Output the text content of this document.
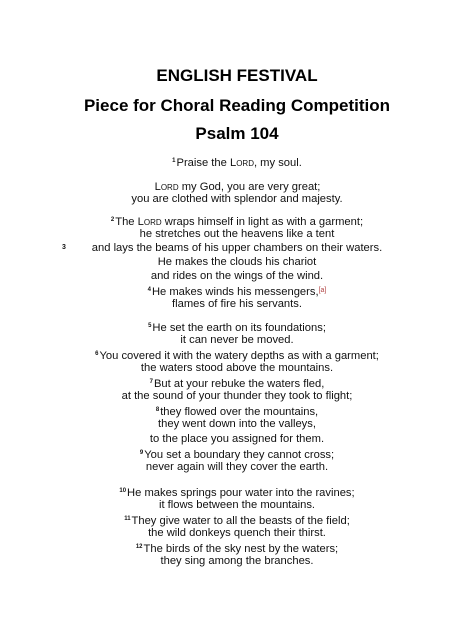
ENGLISH FESTIVAL
Piece for Choral Reading Competition
Psalm 104
3
$^1$Praise the Lord, my soul.
Lord my God, you are very great;
you are clothed with splendor and majesty.
$^2$The Lord wraps himself in light as with a garment;
he stretches out the heavens like a tent
and lays the beams of his upper chambers on their waters.
He makes the clouds his chariot
and rides on the wings of the wind.
$^4$He makes winds his messengers,[a]
flames of fire his servants.
$^5$He set the earth on its foundations;
it can never be moved.
$^6$You covered it with the watery depths as with a garment;
the waters stood above the mountains.
$^7$But at your rebuke the waters fled,
at the sound of your thunder they took to flight;
$^8$they flowed over the mountains,
they went down into the valleys,
to the place you assigned for them.
$^9$You set a boundary they cannot cross;
never again will they cover the earth.
$^{10}$He makes springs pour water into the ravines;
it flows between the mountains.
$^{11}$They give water to all the beasts of the field;
the wild donkeys quench their thirst.
$^{12}$The birds of the sky nest by the waters;
they sing among the branches.
